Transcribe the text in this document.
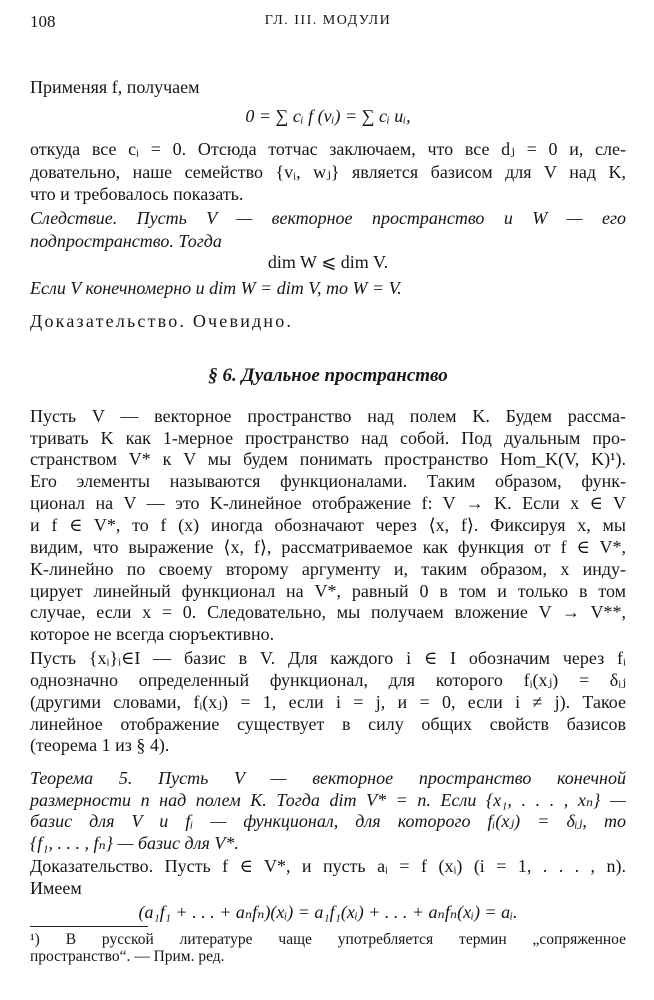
108	ГЛ. III. МОДУЛИ
Применяя f, получаем
0 = ∑ cᵢ f (vᵢ) = ∑ cᵢ uᵢ,
откуда все cᵢ = 0. Отсюда тотчас заключаем, что все dⱼ = 0 и, сле-
довательно, наше семейство {vᵢ, wⱼ} является базисом для V над K,
что и требовалось показать.
Следствие. Пусть V — векторное пространство и W — его
подпространство. Тогда
dim W ⩽ dim V.
Если V конечномерно и dim W = dim V, то W = V.
Доказательство. Очевидно.
§ 6. Дуальное пространство
Пусть V — векторное пространство над полем K. Будем рассма-
тривать K как 1-мерное пространство над собой. Под дуальным про-
странством V* к V мы будем понимать пространство Hom_K(V, K)¹).
Его элементы называются функционалами. Таким образом, функ-
ционал на V — это K-линейное отображение f: V → K. Если x ∈ V
и f ∈ V*, то f (x) иногда обозначают через ⟨x, f⟩. Фиксируя x, мы
видим, что выражение ⟨x, f⟩, рассматриваемое как функция от f ∈ V*,
K-линейно по своему второму аргументу и, таким образом, x инду-
цирует линейный функционал на V*, равный 0 в том и только в том
случае, если x = 0. Следовательно, мы получаем вложение V → V**,
которое не всегда сюръективно.
Пусть {xᵢ}ᵢ∈I — базис в V. Для каждого i ∈ I обозначим через fᵢ
однозначно определенный функционал, для которого fᵢ(xⱼ) = δᵢⱼ
(другими словами, fᵢ(xⱼ) = 1, если i = j, и = 0, если i ≠ j). Такое
линейное отображение существует в силу общих свойств базисов
(теорема 1 из § 4).
Теорема 5. Пусть V — векторное пространство конечной
размерности n над полем K. Тогда dim V* = n. Если {x₁, . . . , xₙ} —
базис для V и fᵢ — функционал, для которого fᵢ(xⱼ) = δᵢⱼ, то
{f₁, . . . , fₙ} — базис для V*.
Доказательство. Пусть f ∈ V*, и пусть aᵢ = f (xᵢ) (i = 1, . . . , n).
Имеем
(a₁f₁ + . . . + aₙfₙ)(xᵢ) = a₁f₁(xᵢ) + . . . + aₙfₙ(xᵢ) = aᵢ.
¹) В русской литературе чаще употребляется термин „сопряженное
пространство“. — Прим. ред.
